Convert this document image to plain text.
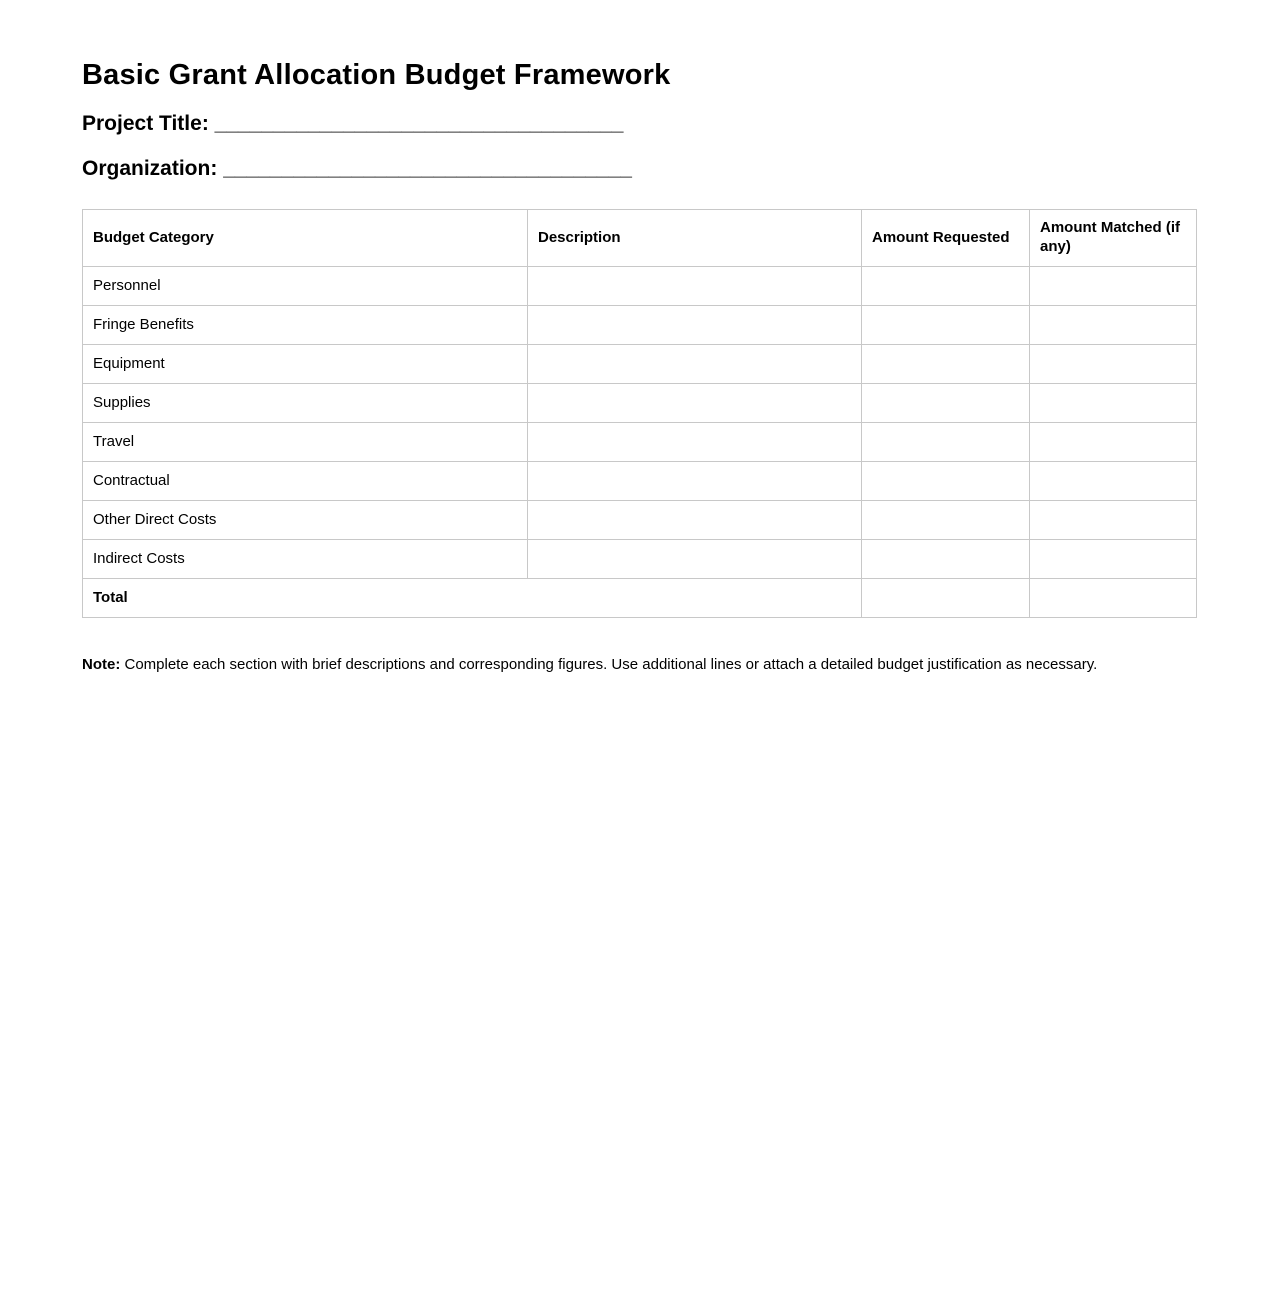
Basic Grant Allocation Budget Framework

Project Title: ___________________________________

Organization: ___________________________________

Budget Category	Description	Amount Requested	Amount Matched (if any)
Personnel			
Fringe Benefits			
Equipment			
Supplies			
Travel			
Contractual			
Other Direct Costs			
Indirect Costs			
Total			

Note: Complete each section with brief descriptions and corresponding figures. Use additional lines or attach a detailed budget justification as necessary.
